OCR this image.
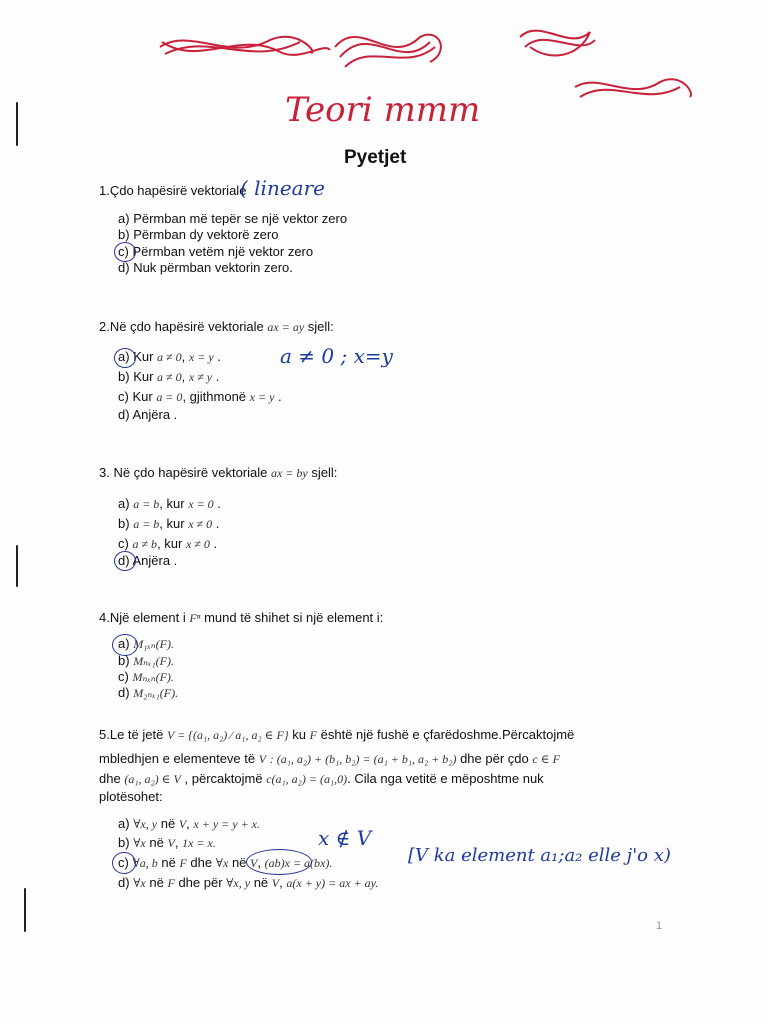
Teori mmm
Pyetjet
1.Çdo hapësirë vektoriale
( lineare
a) Përmban më tepër se një vektor zero
b) Përmban dy vektorë zero
c) Përmban vetëm një vektor zero
d) Nuk përmban vektorin zero.
2.Në çdo hapësirë vektoriale ax = ay sjell:
a) Kur a ≠ 0, x = y .	a ≠ 0 ; x=y
b) Kur a ≠ 0, x ≠ y .
c) Kur a = 0, gjithmonë x = y .
d) Anjëra .
3. Në çdo hapësirë vektoriale ax = by sjell:
a) a = b, kur x = 0 .
b) a = b, kur x ≠ 0 .
c) a ≠ b, kur x ≠ 0 .
d) Anjëra .
4.Një element i Fⁿ mund të shihet si një element i:
a) M₁ₓₙ(F).
b) Mₙₓ₁(F).
c) Mₙₓₙ(F).
d) M₂ₙₓ₁(F).
5.Le të jetë V = {(a₁, a₂) ⁄ a₁, a₂ ∈ F} ku F është një fushë e çfarëdoshme.Përcaktojmë
mbledhjen e elementeve të V : (a₁, a₂) + (b₁, b₂) = (a₁ + b₁, a₂ + b₂) dhe për çdo c ∈ F
dhe (a₁, a₂) ∈ V , përcaktojmë c(a₁, a₂) = (a₁,0). Cila nga vetitë e mëposhtme nuk
plotësohet:
a) ∀x, y në V, x + y = y + x.
b) ∀x në V, 1x = x.	x ∉ V
c) ∀a, b në F dhe ∀x në V, (ab)x = a(bx).	[V ka element a₁;a₂ elle j'o x)
d) ∀x në F dhe për ∀x, y në V, a(x + y) = ax + ay.
1
